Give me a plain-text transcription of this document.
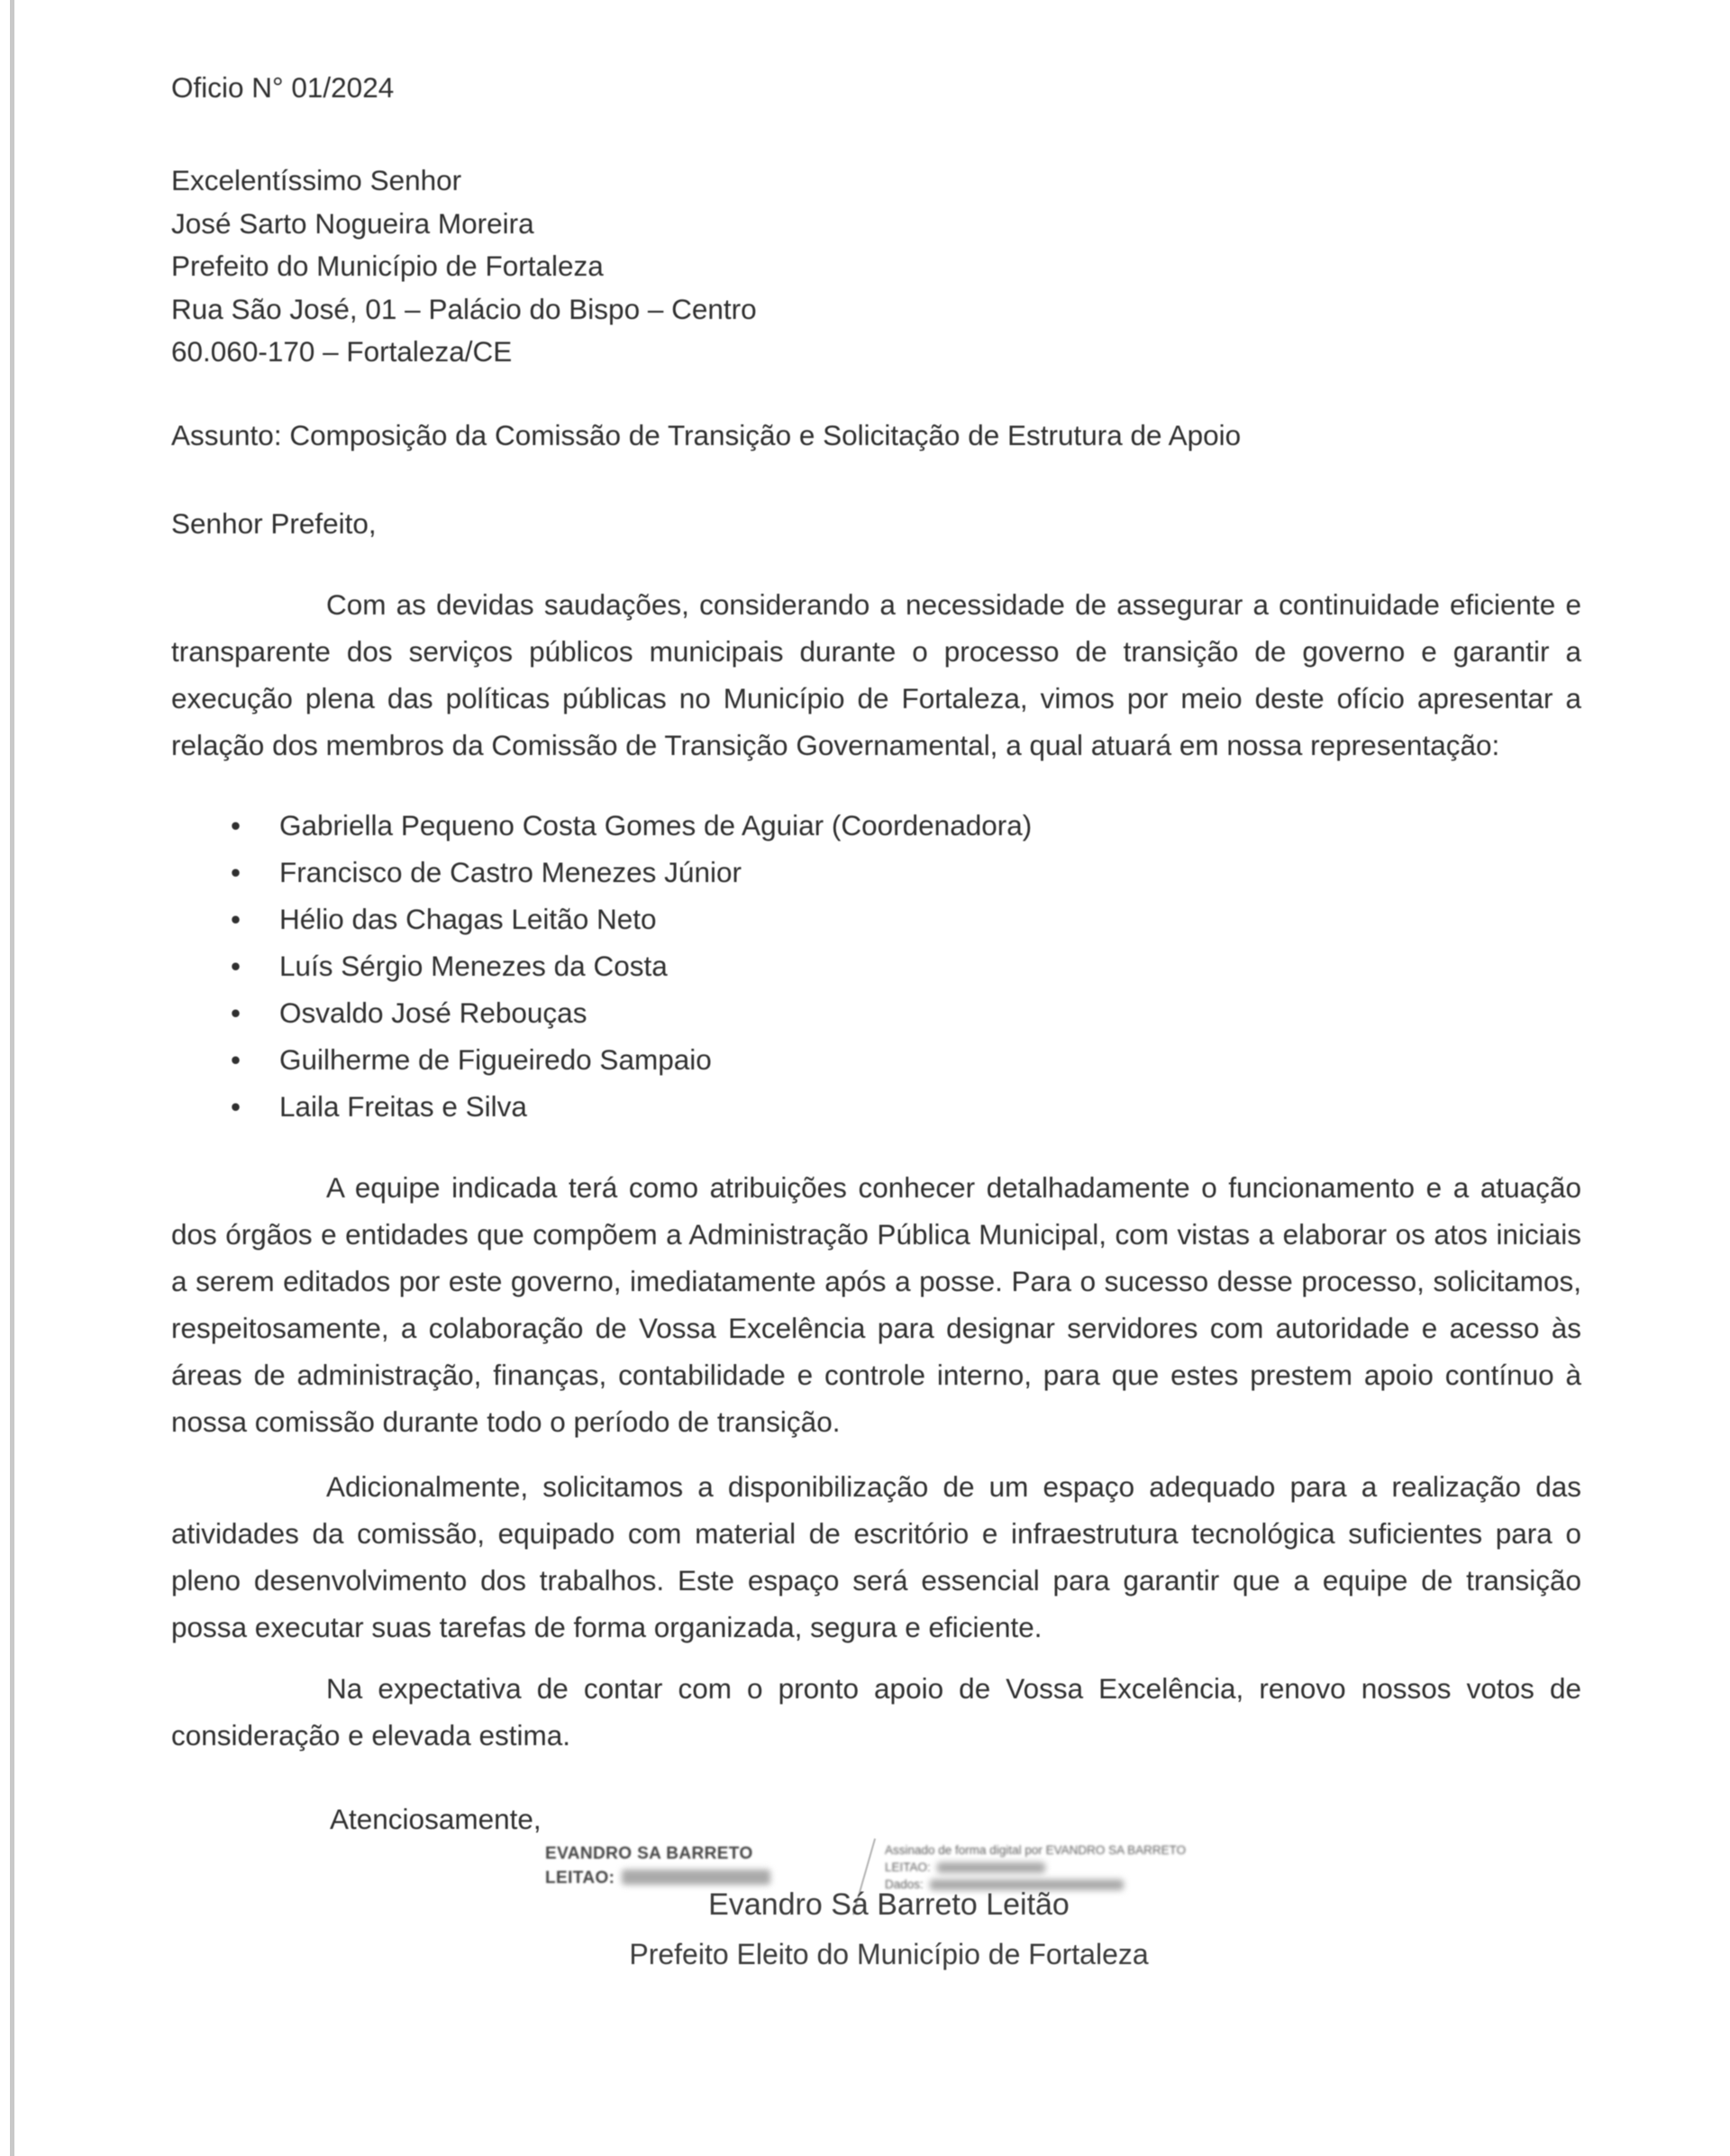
Oficio N° 01/2024

Excelentíssimo Senhor

José Sarto Nogueira Moreira

Prefeito do Município de Fortaleza

Rua São José, 01 – Palácio do Bispo – Centro

60.060-170 – Fortaleza/CE

Assunto: Composição da Comissão de Transição e Solicitação de Estrutura de Apoio

Senhor Prefeito,

Com as devidas saudações, considerando a necessidade de assegurar a continuidade eficiente e transparente dos serviços públicos municipais durante o processo de transição de governo e garantir a execução plena das políticas públicas no Município de Fortaleza, vimos por meio deste ofício apresentar a relação dos membros da Comissão de Transição Governamental, a qual atuará em nossa representação:

• Gabriella Pequeno Costa Gomes de Aguiar (Coordenadora)
• Francisco de Castro Menezes Júnior
• Hélio das Chagas Leitão Neto
• Luís Sérgio Menezes da Costa
• Osvaldo José Rebouças
• Guilherme de Figueiredo Sampaio
• Laila Freitas e Silva

A equipe indicada terá como atribuições conhecer detalhadamente o funcionamento e a atuação dos órgãos e entidades que compõem a Administração Pública Municipal, com vistas a elaborar os atos iniciais a serem editados por este governo, imediatamente após a posse. Para o sucesso desse processo, solicitamos, respeitosamente, a colaboração de Vossa Excelência para designar servidores com autoridade e acesso às áreas de administração, finanças, contabilidade e controle interno, para que estes prestem apoio contínuo à nossa comissão durante todo o período de transição.

Adicionalmente, solicitamos a disponibilização de um espaço adequado para a realização das atividades da comissão, equipado com material de escritório e infraestrutura tecnológica suficientes para o pleno desenvolvimento dos trabalhos. Este espaço será essencial para garantir que a equipe de transição possa executar suas tarefas de forma organizada, segura e eficiente.

Na expectativa de contar com o pronto apoio de Vossa Excelência, renovo nossos votos de consideração e elevada estima.

Atenciosamente,

EVANDRO SA BARRETO
LEITAO:
Assinado de forma digital por EVANDRO SA BARRETO
LEITAO:
Dados:

Evandro Sá Barreto Leitão

Prefeito Eleito do Município de Fortaleza
